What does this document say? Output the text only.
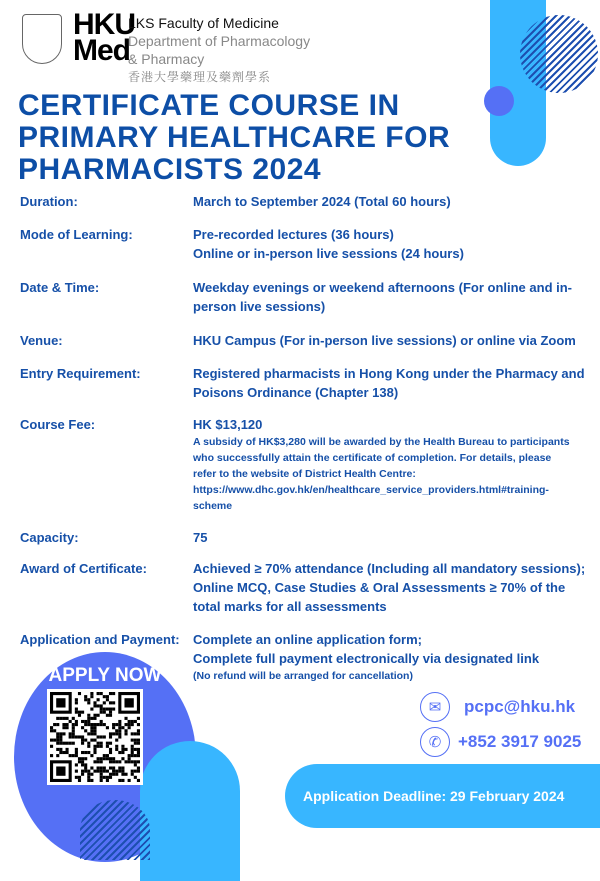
HKU
Med
LKS Faculty of Medicine
Department of Pharmacology
& Pharmacy
香港大學藥理及藥劑學系
CERTIFICATE COURSE IN
PRIMARY HEALTHCARE FOR
PHARMACISTS 2024
Duration:	March to September 2024 (Total 60 hours)
Mode of Learning:	Pre-recorded lectures (36 hours)
Online or in-person live sessions (24 hours)
Date & Time:	Weekday evenings or weekend afternoons (For online and in-
person live sessions)
Venue:	HKU Campus (For in-person live sessions) or online via Zoom
Entry Requirement:	Registered pharmacists in Hong Kong under the Pharmacy and
Poisons Ordinance (Chapter 138)
Course Fee:	HK $13,120
A subsidy of HK$3,280 will be awarded by the Health Bureau to participants
who successfully attain the certificate of completion. For details, please
refer to the website of District Health Centre:
https://www.dhc.gov.hk/en/healthcare_service_providers.html#training-
scheme
Capacity:	75
Award of Certificate:	Achieved ≥ 70% attendance (Including all mandatory sessions);
Online MCQ, Case Studies & Oral Assessments ≥ 70% of the
total marks for all assessments
Application and Payment:	Complete an online application form;
Complete full payment electronically via designated link
(No refund will be arranged for cancellation)
APPLY NOW
✉	pcpc@hku.hk
✆ +852 3917 9025
Application Deadline: 29 February 2024
